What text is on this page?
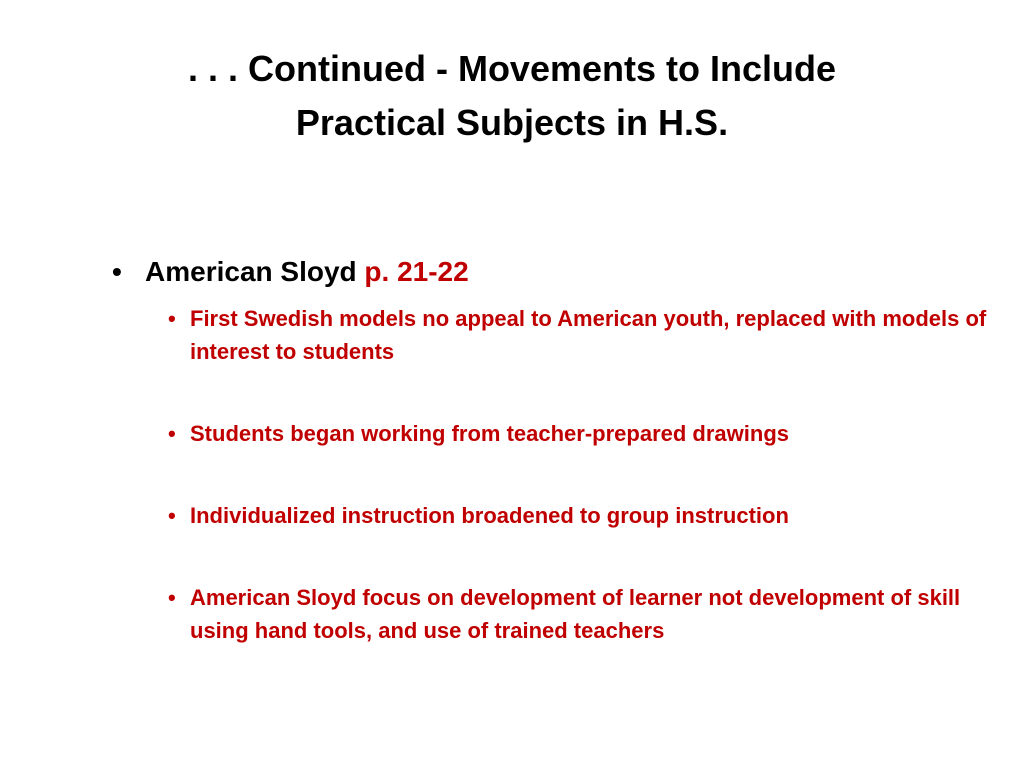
. . . Continued - Movements to Include
Practical Subjects in H.S.
• American Sloyd p. 21-22
• First Swedish models no appeal to American youth, replaced with models of interest to students
• Students began working from teacher-prepared drawings
• Individualized instruction broadened to group instruction
• American Sloyd focus on development of learner not development of skill using hand tools, and use of trained teachers
